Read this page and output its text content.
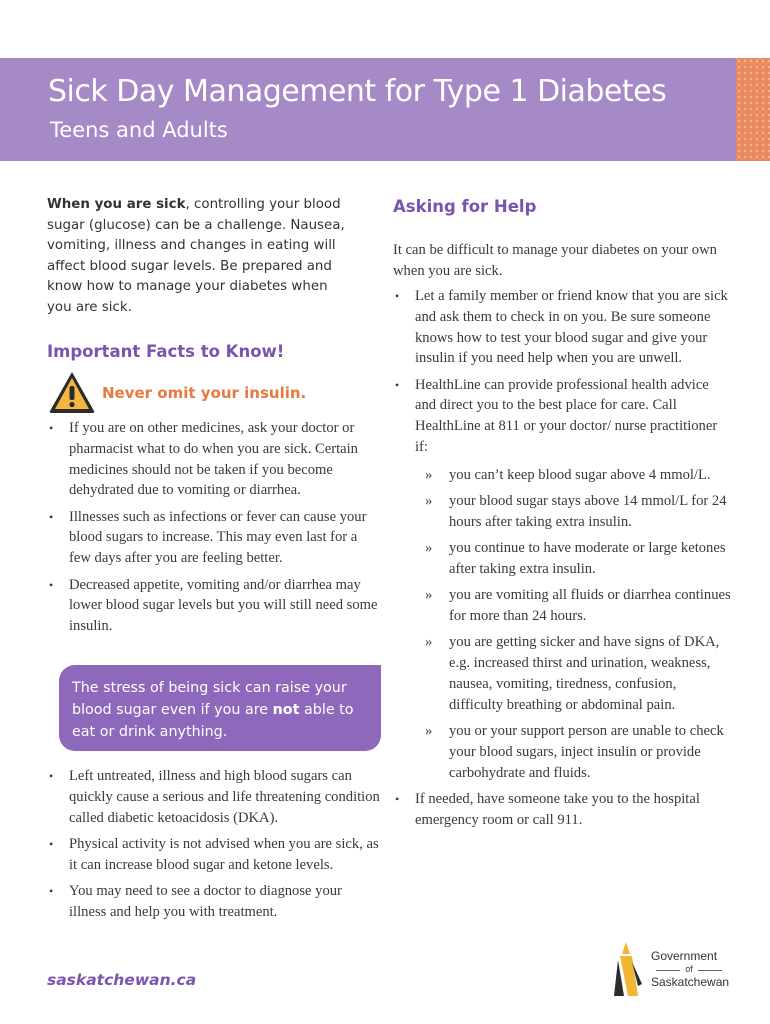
Sick Day Management for Type 1 Diabetes
Teens and Adults

When you are sick, controlling your blood sugar (glucose) can be a challenge. Nausea, vomiting, illness and changes in eating will affect blood sugar levels. Be prepared and know how to manage your diabetes when you are sick.

Important Facts to Know!
Never omit your insulin.
• If you are on other medicines, ask your doctor or pharmacist what to do when you are sick. Certain medicines should not be taken if you become dehydrated due to vomiting or diarrhea.
• Illnesses such as infections or fever can cause your blood sugars to increase. This may even last for a few days after you are feeling better.
• Decreased appetite, vomiting and/or diarrhea may lower blood sugar levels but you will still need some insulin.
The stress of being sick can raise your blood sugar even if you are not able to eat or drink anything.
• Left untreated, illness and high blood sugars can quickly cause a serious and life threatening condition called diabetic ketoacidosis (DKA).
• Physical activity is not advised when you are sick, as it can increase blood sugar and ketone levels.
• You may need to see a doctor to diagnose your illness and help you with treatment.
saskatchewan.ca
Asking for Help

It can be difficult to manage your diabetes on your own when you are sick.

• Let a family member or friend know that you are sick and ask them to check in on you. Be sure someone knows how to test your blood sugar and give your insulin if you need help when you are unwell.
• HealthLine can provide professional health advice and direct you to the best place for care. Call HealthLine at 811 or your doctor/ nurse practitioner if:
» you can’t keep blood sugar above 4 mmol/L.
» your blood sugar stays above 14 mmol/L for 24 hours after taking extra insulin.
» you continue to have moderate or large ketones after taking extra insulin.
» you are vomiting all fluids or diarrhea continues for more than 24 hours.
» you are getting sicker and have signs of DKA, e.g. increased thirst and urination, weakness, nausea, vomiting, tiredness, confusion, difficulty breathing or abdominal pain.
» you or your support person are unable to check your blood sugars, inject insulin or provide carbohydrate and fluids.
• If needed, have someone take you to the hospital emergency room or call 911.
Government
of
Saskatchewan
